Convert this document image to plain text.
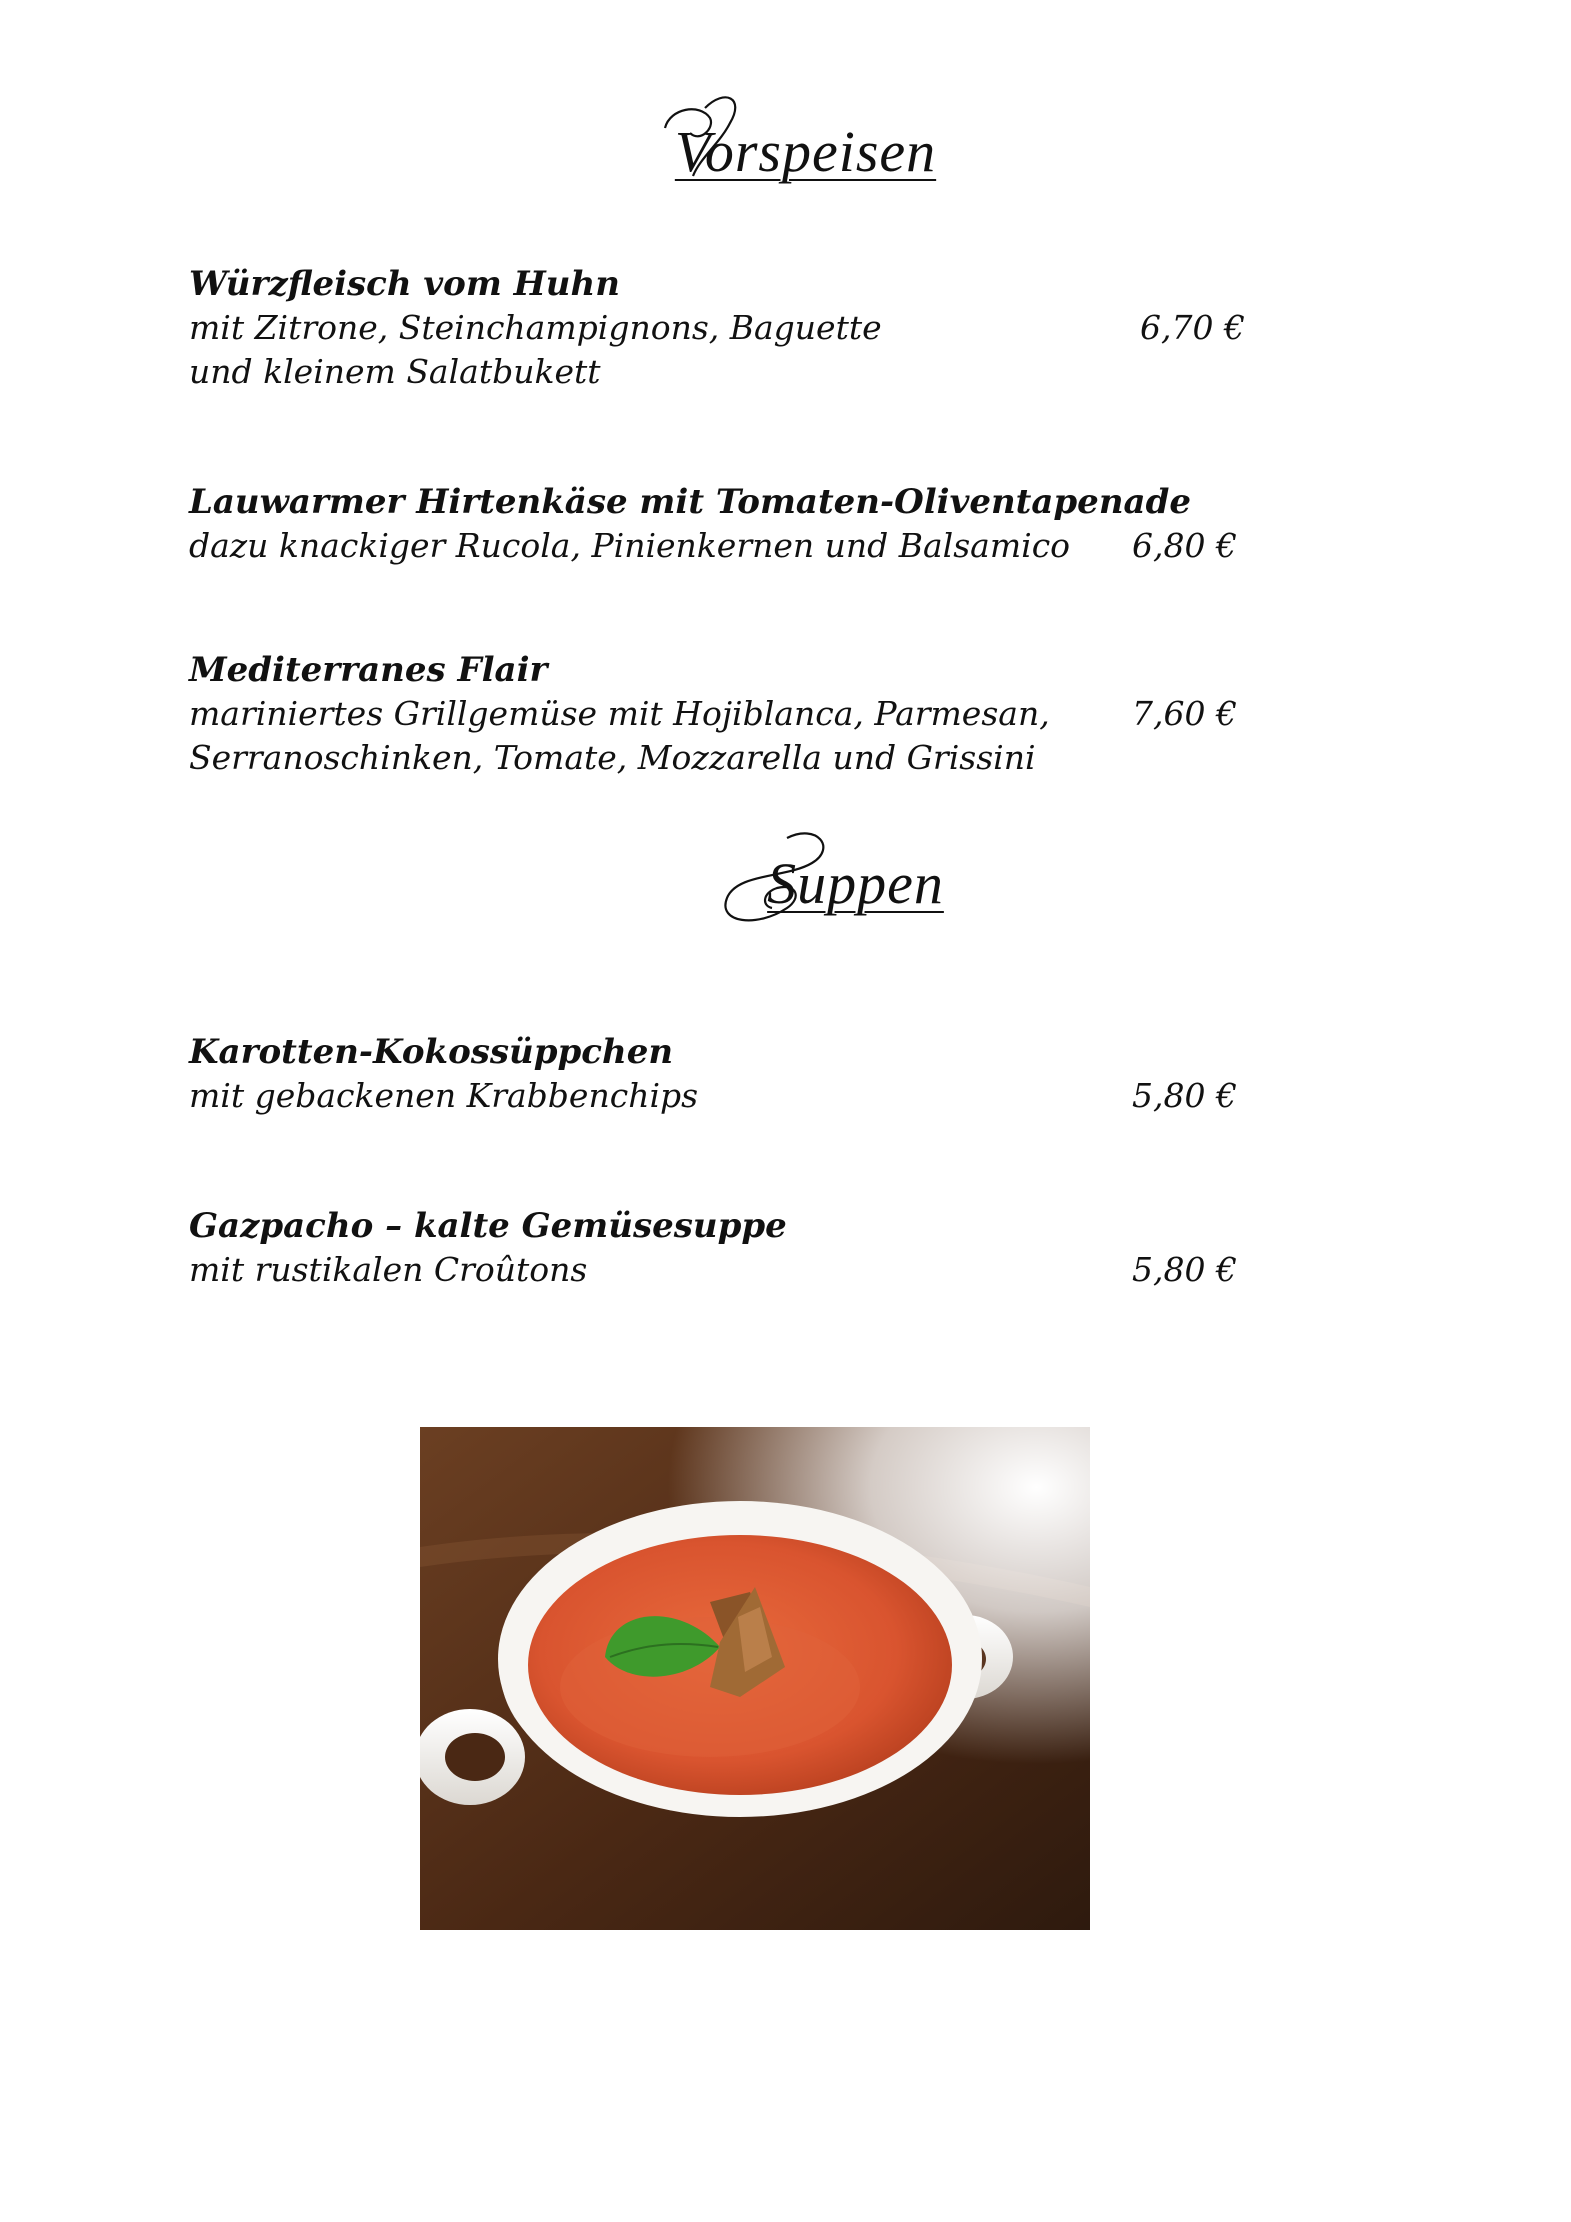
Vorspeisen
Würzfleisch vom Huhn
mit Zitrone, Steinchampignons, Baguette
und kleinem Salatbukett
6,70 €
Lauwarmer Hirtenkäse mit Tomaten-Oliventapenade
dazu knackiger Rucola, Pinienkernen und Balsamico	6,80 €
Mediterranes Flair
mariniertes Grillgemüse mit Hojiblanca, Parmesan,
Serranoschinken, Tomate, Mozzarella und Grissini
7,60 €
Suppen
Karotten-Kokossüppchen
mit gebackenen Krabbenchips	5,80 €
Gazpacho – kalte Gemüsesuppe
mit rustikalen Croûtons	5,80 €
